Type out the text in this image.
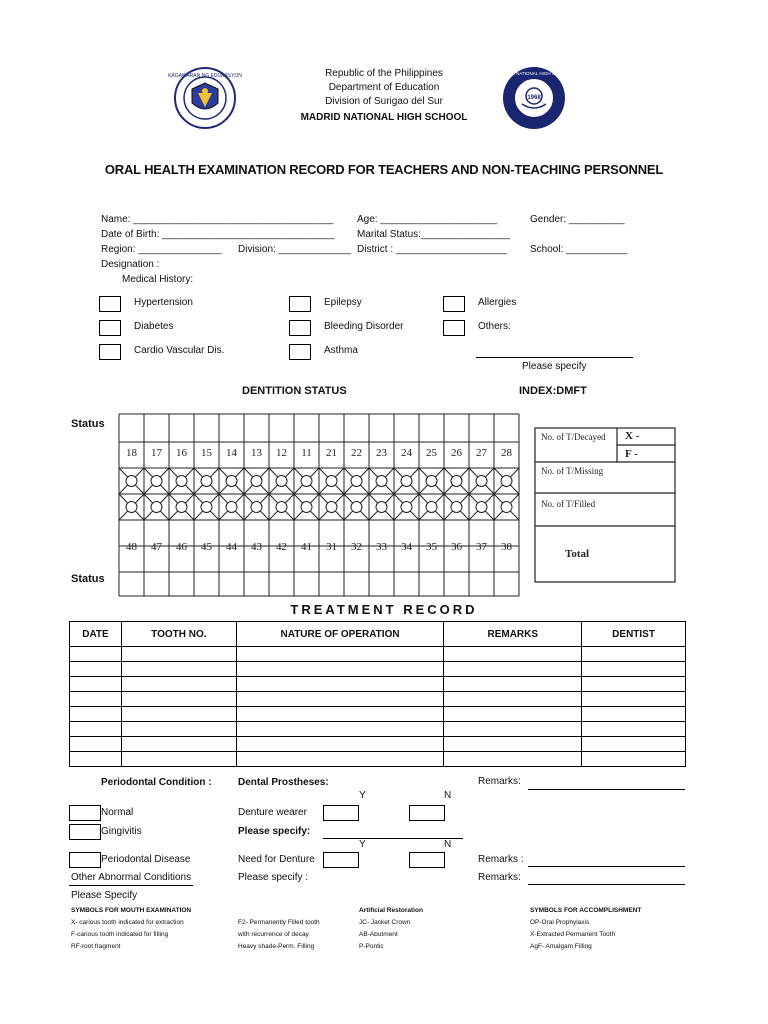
KAGAWARAN NG EDUKASYON
1968
MADRID NATIONAL HIGH SCHOOL
Republic of the Philippines
Department of Education
Division of Surigao del Sur
MADRID NATIONAL HIGH SCHOOL
ORAL HEALTH EXAMINATION RECORD FOR TEACHERS AND NON-TEACHING PERSONNEL
Name: ____________________________________ Age: _____________________	Gender: __________
Date of Birth: _______________________________ Marital Status:________________
Region: _______________ Division: _____________ District : ____________________ School: ___________
Designation :
Medical History:
Hypertension	Epilepsy	Allergies
Diabetes	Bleeding Disorder	Others:
Cardio Vascular Dis.	Asthma
Please specify
DENTITION STATUS	INDEX:DMFT
Status
Status
18 17 16 15 14 13 12 11 21 22 23 24 25 26 27 28
48 47 46 45 44 43 42 41 31 32 33 34 35 36 37 38
No. of T/Decayed X -
F -
No. of T/Missing
No. of T/Filled
Total
TREATMENT RECORD
DATE	TOOTH NO.	NATURE OF OPERATION	REMARKS	DENTIST

Periodontal Condition :	Dental Prostheses:	Remarks:
Y	N
Normal	Denture wearer
Gingivitis	Please specify:
Y	N
Periodontal Disease	Need for Denture	Remarks :
Other Abnormal Conditions	Please specify :	Remarks:
Please Specify
SYMBOLS FOR MOUTH EXAMINATION
X- carious tooth indicated for extraction
F-carious tooth indicated for filling
RF-root fragment
F2- Permanently Filled tooth
with recurrence of decay
Heavy shade-Perm. Filling
Artificial Restoration
JC- Jacket Crown
AB-Abutment
P-Pontic
SYMBOLS FOR ACCOMPLISHMENT
OP-Oral Prophylaxis
X-Extracted Permanent Tooth
AgF- Amalgam Filling
